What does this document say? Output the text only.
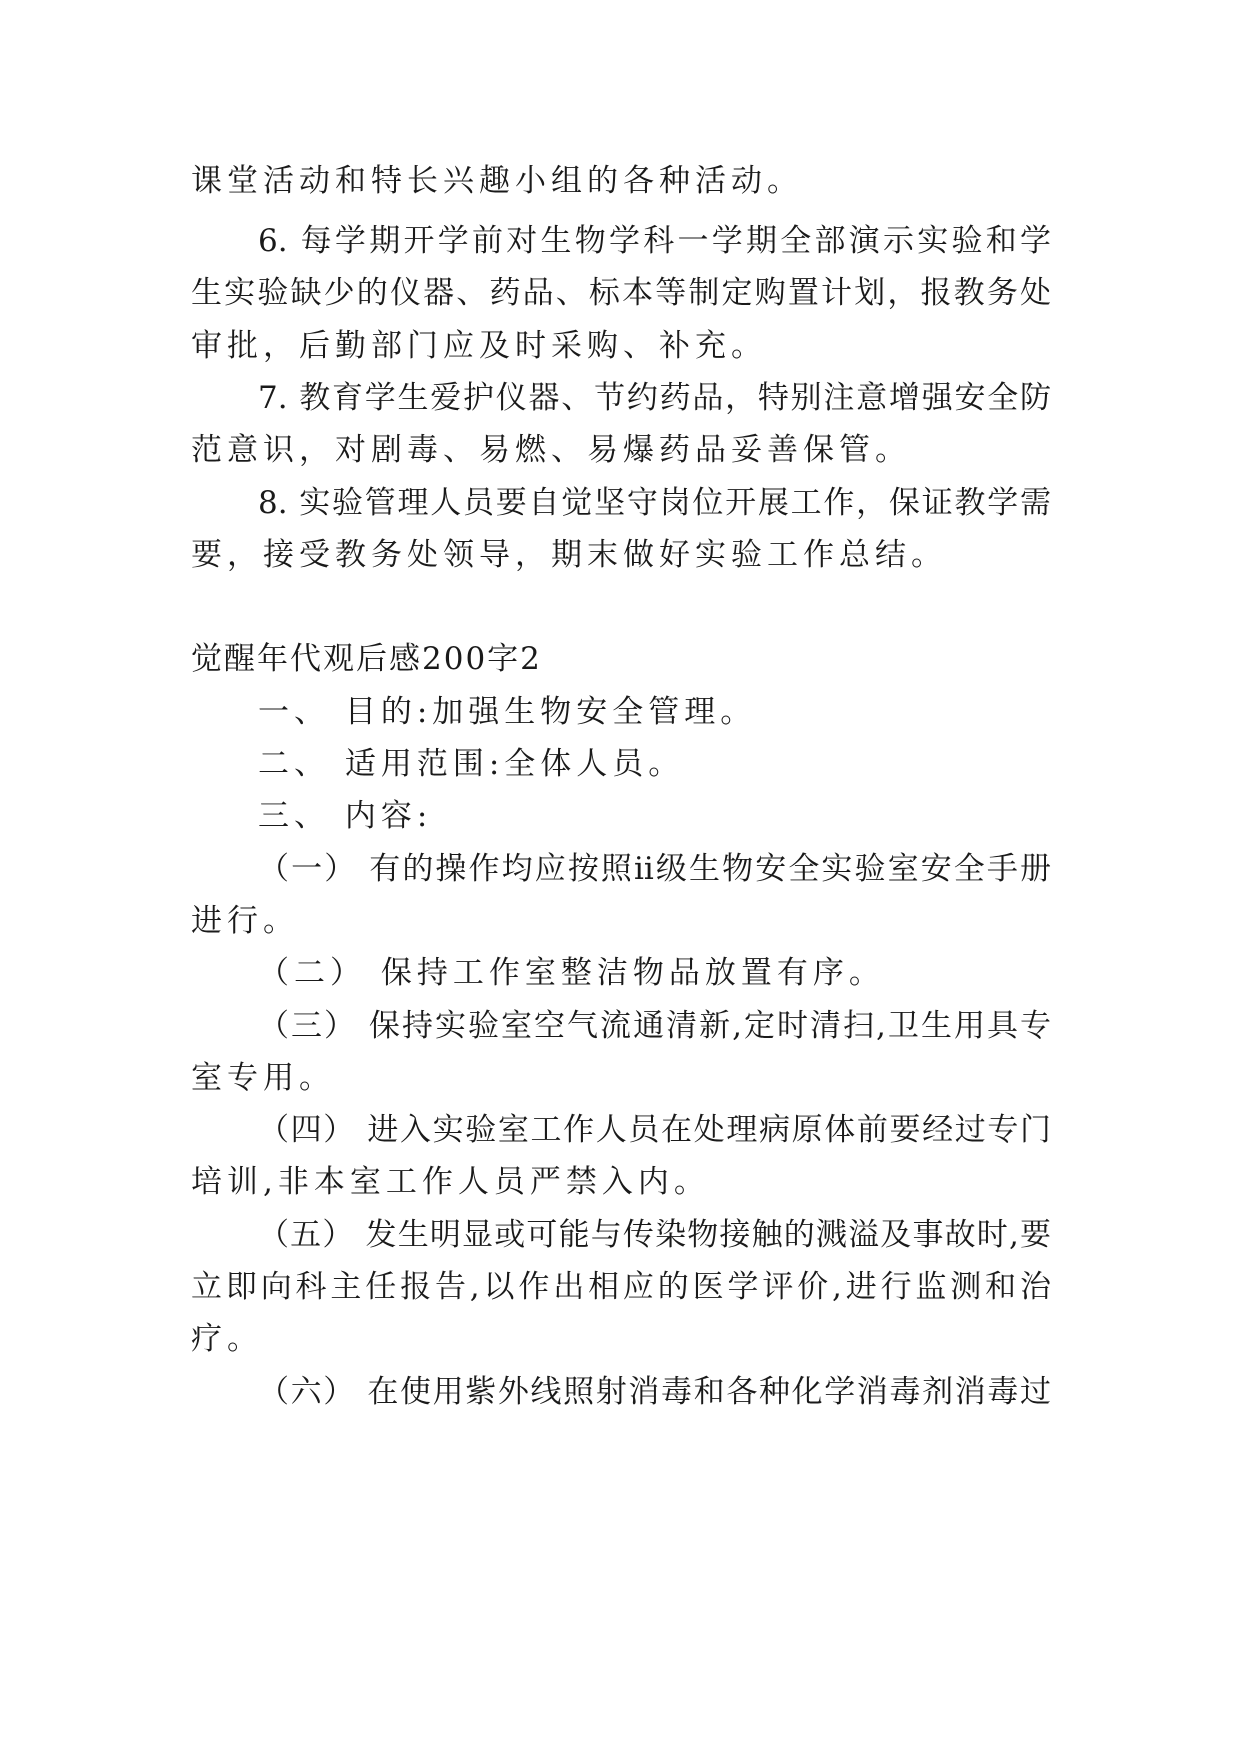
课堂活动和特长兴趣小组的各种活动。
6. 每学期开学前对生物学科一学期全部演示实验和学
生实验缺少的仪器、药品、标本等制定购置计划，报教务处
审批，后勤部门应及时采购、补充。
7. 教育学生爱护仪器、节约药品，特别注意增强安全防
范意识，对剧毒、易燃、易爆药品妥善保管。
8. 实验管理人员要自觉坚守岗位开展工作，保证教学需
要，接受教务处领导，期末做好实验工作总结。
觉醒年代观后感200字2
一、 目的:加强生物安全管理。
二、 适用范围:全体人员。
三、 内容:
（一） 有的操作均应按照ii级生物安全实验室安全手册
进行。
（二） 保持工作室整洁物品放置有序。
（三） 保持实验室空气流通清新,定时清扫,卫生用具专
室专用。
（四） 进入实验室工作人员在处理病原体前要经过专门
培训,非本室工作人员严禁入内。
（五） 发生明显或可能与传染物接触的溅溢及事故时,要
立即向科主任报告,以作出相应的医学评价,进行监测和治
疗。
（六） 在使用紫外线照射消毒和各种化学消毒剂消毒过
